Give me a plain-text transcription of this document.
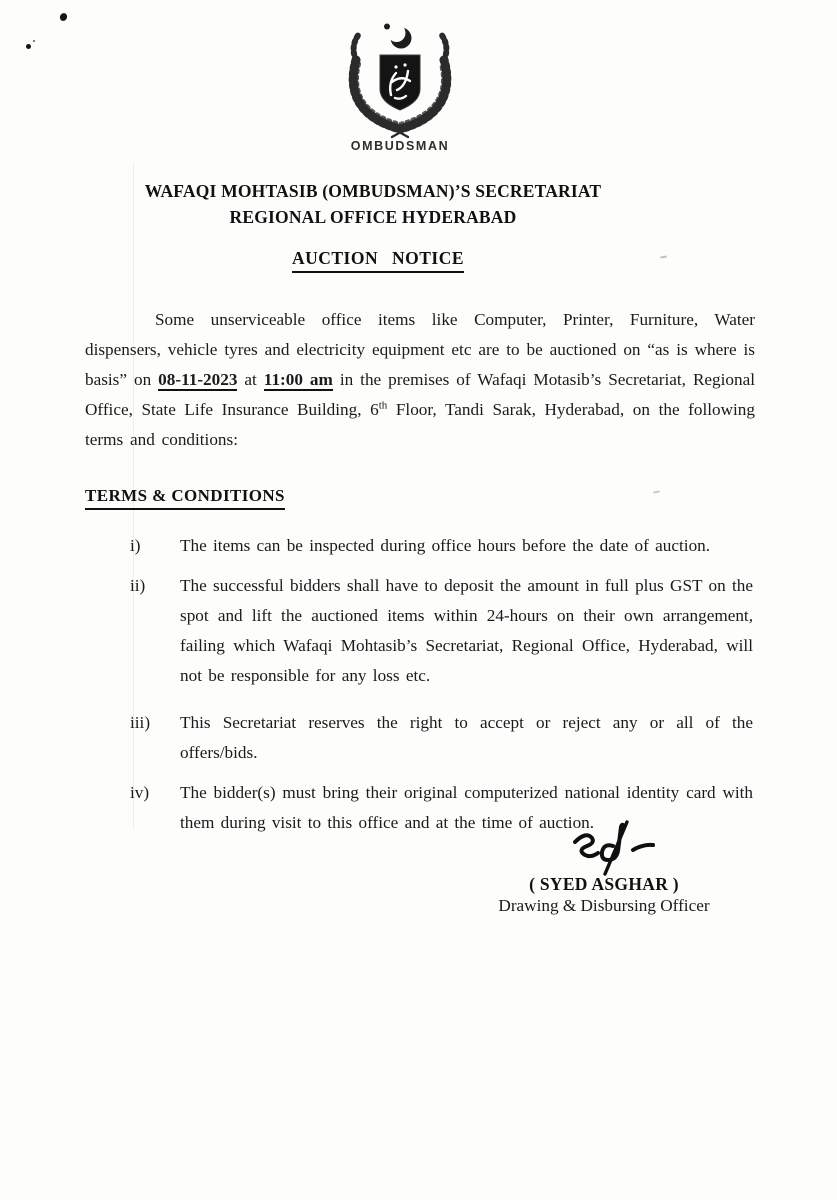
OMBUDSMAN
WAFAQI MOHTASIB (OMBUDSMAN)’S SECRETARIAT
REGIONAL OFFICE HYDERABAD
AUCTION NOTICE

Some unserviceable office items like Computer, Printer, Furniture, Water dispensers, vehicle tyres and electricity equipment etc are to be auctioned on “as is where is basis” on 08-11-2023 at 11:00 am in the premises of Wafaqi Motasib’s Secretariat, Regional Office, State Life Insurance Building, 6th Floor, Tandi Sarak, Hyderabad, on the following terms and conditions:

TERMS & CONDITIONS
i)	The items can be inspected during office hours before the date of auction.
ii)	The successful bidders shall have to deposit the amount in full plus GST on the spot and lift the auctioned items within 24-hours on their own arrangement, failing which Wafaqi Mohtasib’s Secretariat, Regional Office, Hyderabad, will not be responsible for any loss etc.
iii)	This Secretariat reserves the right to accept or reject any or all of the offers/bids.
iv)	The bidder(s) must bring their original computerized national identity card with them during visit to this office and at the time of auction.
( SYED ASGHAR )
Drawing & Disbursing Officer
